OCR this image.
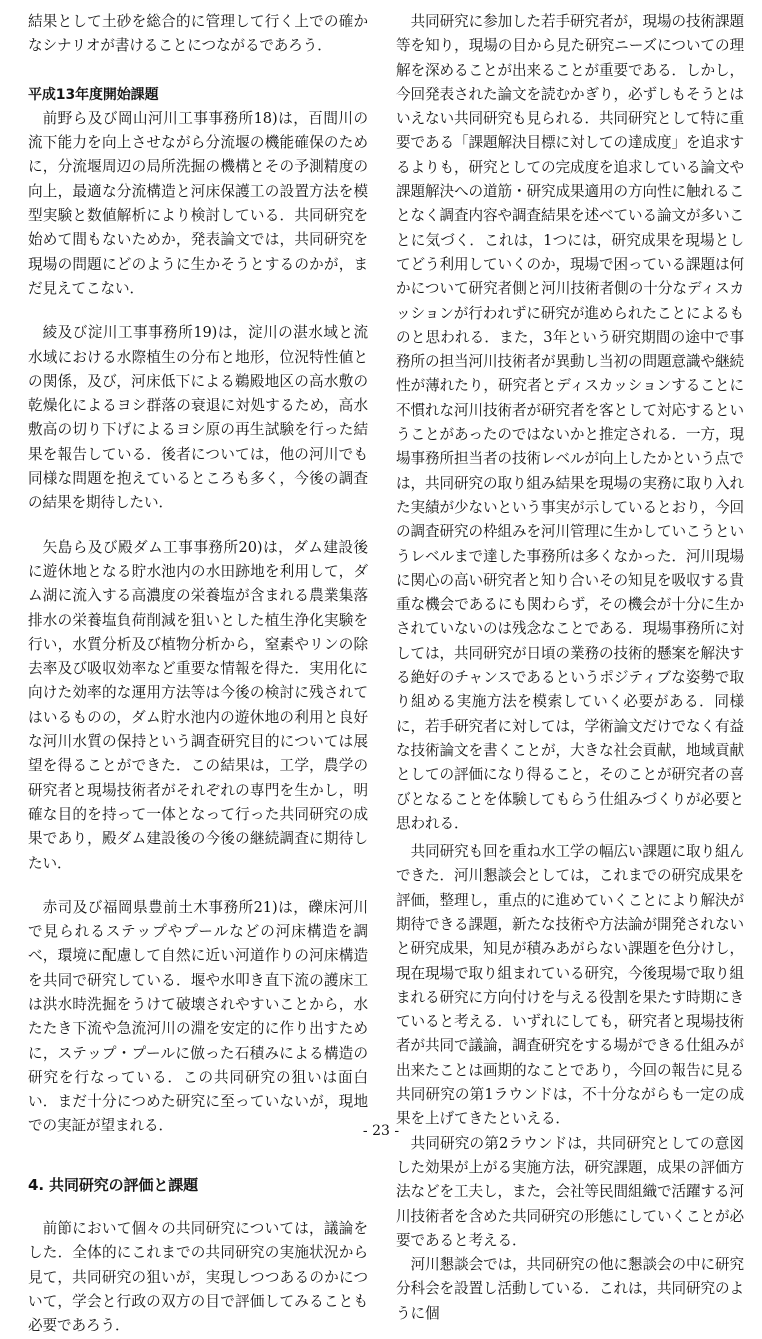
結果として土砂を総合的に管理して行く上での確かなシナリオが書けることにつながるであろう．

平成13年度開始課題

前野ら及び岡山河川工事事務所18)は，百間川の流下能力を向上させながら分流堰の機能確保のために，分流堰周辺の局所洗掘の機構とその予測精度の向上，最適な分流構造と河床保護工の設置方法を模型実験と数値解析により検討している．共同研究を始めて間もないためか，発表論文では，共同研究を現場の問題にどのように生かそうとするのかが，まだ見えてこない．

綾及び淀川工事事務所19)は，淀川の湛水域と流水域における水際植生の分布と地形，位況特性値との関係，及び，河床低下による鵜殿地区の高水敷の乾燥化によるヨシ群落の衰退に対処するため，高水敷高の切り下げによるヨシ原の再生試験を行った結果を報告している．後者については，他の河川でも同様な問題を抱えているところも多く，今後の調査の結果を期待したい．

矢島ら及び殿ダム工事事務所20)は，ダム建設後に遊休地となる貯水池内の水田跡地を利用して，ダム湖に流入する高濃度の栄養塩が含まれる農業集落排水の栄養塩負荷削減を狙いとした植生浄化実験を行い，水質分析及び植物分析から，窒素やリンの除去率及び吸収効率など重要な情報を得た．実用化に向けた効率的な運用方法等は今後の検討に残されてはいるものの，ダム貯水池内の遊休地の利用と良好な河川水質の保持という調査研究目的については展望を得ることができた．この結果は，工学，農学の研究者と現場技術者がそれぞれの専門を生かし，明確な目的を持って一体となって行った共同研究の成果であり，殿ダム建設後の今後の継続調査に期待したい．

赤司及び福岡県豊前土木事務所21)は，礫床河川で見られるステップやプールなどの河床構造を調べ，環境に配慮して自然に近い河道作りの河床構造を共同で研究している．堰や水叩き直下流の護床工は洪水時洗掘をうけて破壊されやすいことから，水たたき下流や急流河川の淵を安定的に作り出すために，ステップ・プールに倣った石積みによる構造の研究を行なっている．この共同研究の狙いは面白い．まだ十分につめた研究に至っていないが，現地での実証が望まれる．

4. 共同研究の評価と課題

前節において個々の共同研究については，議論をした．全体的にこれまでの共同研究の実施状況から見て，共同研究の狙いが，実現しつつあるのかについて，学会と行政の双方の目で評価してみることも必要であろう．

共同研究に参加した若手研究者が，現場の技術課題等を知り，現場の目から見た研究ニーズについての理解を深めることが出来ることが重要である．しかし，今回発表された論文を読むかぎり，必ずしもそうとはいえない共同研究も見られる．共同研究として特に重要である「課題解決目標に対しての達成度」を追求するよりも，研究としての完成度を追求している論文や課題解決への道筋・研究成果適用の方向性に触れることなく調査内容や調査結果を述べている論文が多いことに気づく．これは，1つには，研究成果を現場としてどう利用していくのか，現場で困っている課題は何かについて研究者側と河川技術者側の十分なディスカッションが行われずに研究が進められたことによるものと思われる．また，3年という研究期間の途中で事務所の担当河川技術者が異動し当初の問題意識や継続性が薄れたり，研究者とディスカッションすることに不慣れな河川技術者が研究者を客として対応するということがあったのではないかと推定される．一方，現場事務所担当者の技術レベルが向上したかという点では，共同研究の取り組み結果を現場の実務に取り入れた実績が少ないという事実が示しているとおり，今回の調査研究の枠組みを河川管理に生かしていこうというレベルまで達した事務所は多くなかった．河川現場に関心の高い研究者と知り合いその知見を吸収する貴重な機会であるにも関わらず，その機会が十分に生かされていないのは残念なことである．現場事務所に対しては，共同研究が日頃の業務の技術的懸案を解決する絶好のチャンスであるというポジティブな姿勢で取り組める実施方法を模索していく必要がある．同様に，若手研究者に対しては，学術論文だけでなく有益な技術論文を書くことが，大きな社会貢献，地域貢献としての評価になり得ること，そのことが研究者の喜びとなることを体験してもらう仕組みづくりが必要と思われる．

共同研究も回を重ね水工学の幅広い課題に取り組んできた．河川懇談会としては，これまでの研究成果を評価，整理し，重点的に進めていくことにより解決が期待できる課題，新たな技術や方法論が開発されないと研究成果，知見が積みあがらない課題を色分けし，現在現場で取り組まれている研究，今後現場で取り組まれる研究に方向付けを与える役割を果たす時期にきていると考える．いずれにしても，研究者と現場技術者が共同で議論，調査研究をする場ができる仕組みが出来たことは画期的なことであり，今回の報告に見る共同研究の第1ラウンドは，不十分ながらも一定の成果を上げてきたといえる．

共同研究の第2ラウンドは，共同研究としての意図した効果が上がる実施方法，研究課題，成果の評価方法などを工夫し，また，会社等民間組織で活躍する河川技術者を含めた共同研究の形態にしていくことが必要であると考える．

河川懇談会では，共同研究の他に懇談会の中に研究分科会を設置し活動している．これは，共同研究のように個

- 23 -
